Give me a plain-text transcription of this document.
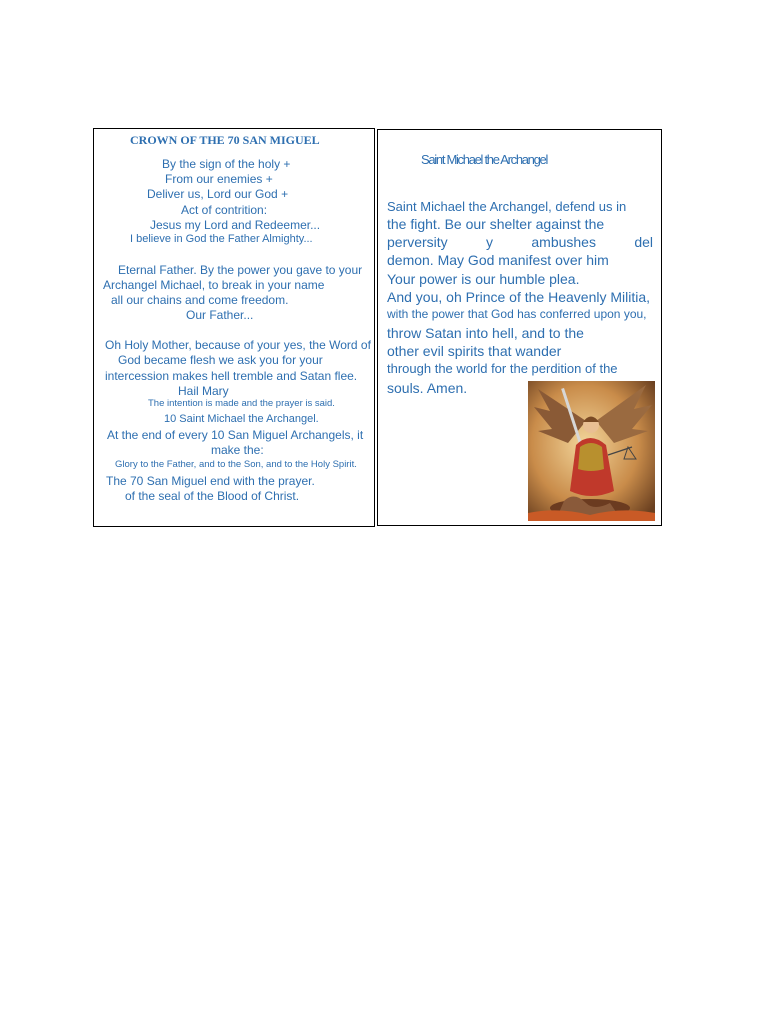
CROWN OF THE 70 SAN MIGUEL
By the sign of the holy +
From our enemies +
Deliver us, Lord our God +
Act of contrition:
Jesus my Lord and Redeemer...
I believe in God the Father Almighty...
Eternal Father. By the power you gave to your
Archangel Michael, to break in your name
all our chains and come freedom.
Our Father...
Oh Holy Mother, because of your yes, the Word of
God became flesh we ask you for your
intercession makes hell tremble and Satan flee.
Hail Mary
The intention is made and the prayer is said.
10 Saint Michael the Archangel.
At the end of every 10 San Miguel Archangels, it
make the:
Glory to the Father, and to the Son, and to the Holy Spirit.
The 70 San Miguel end with the prayer.
of the seal of the Blood of Christ.
Saint Michael the Archangel
Saint Michael the Archangel, defend us in
the fight. Be our shelter against the
perversity	y	ambushes	del
demon. May God manifest over him
Your power is our humble plea.
And you, oh Prince of the Heavenly Militia,
with the power that God has conferred upon you,
throw Satan into hell, and to the
other evil spirits that wander
through the world for the perdition of the
souls. Amen.
